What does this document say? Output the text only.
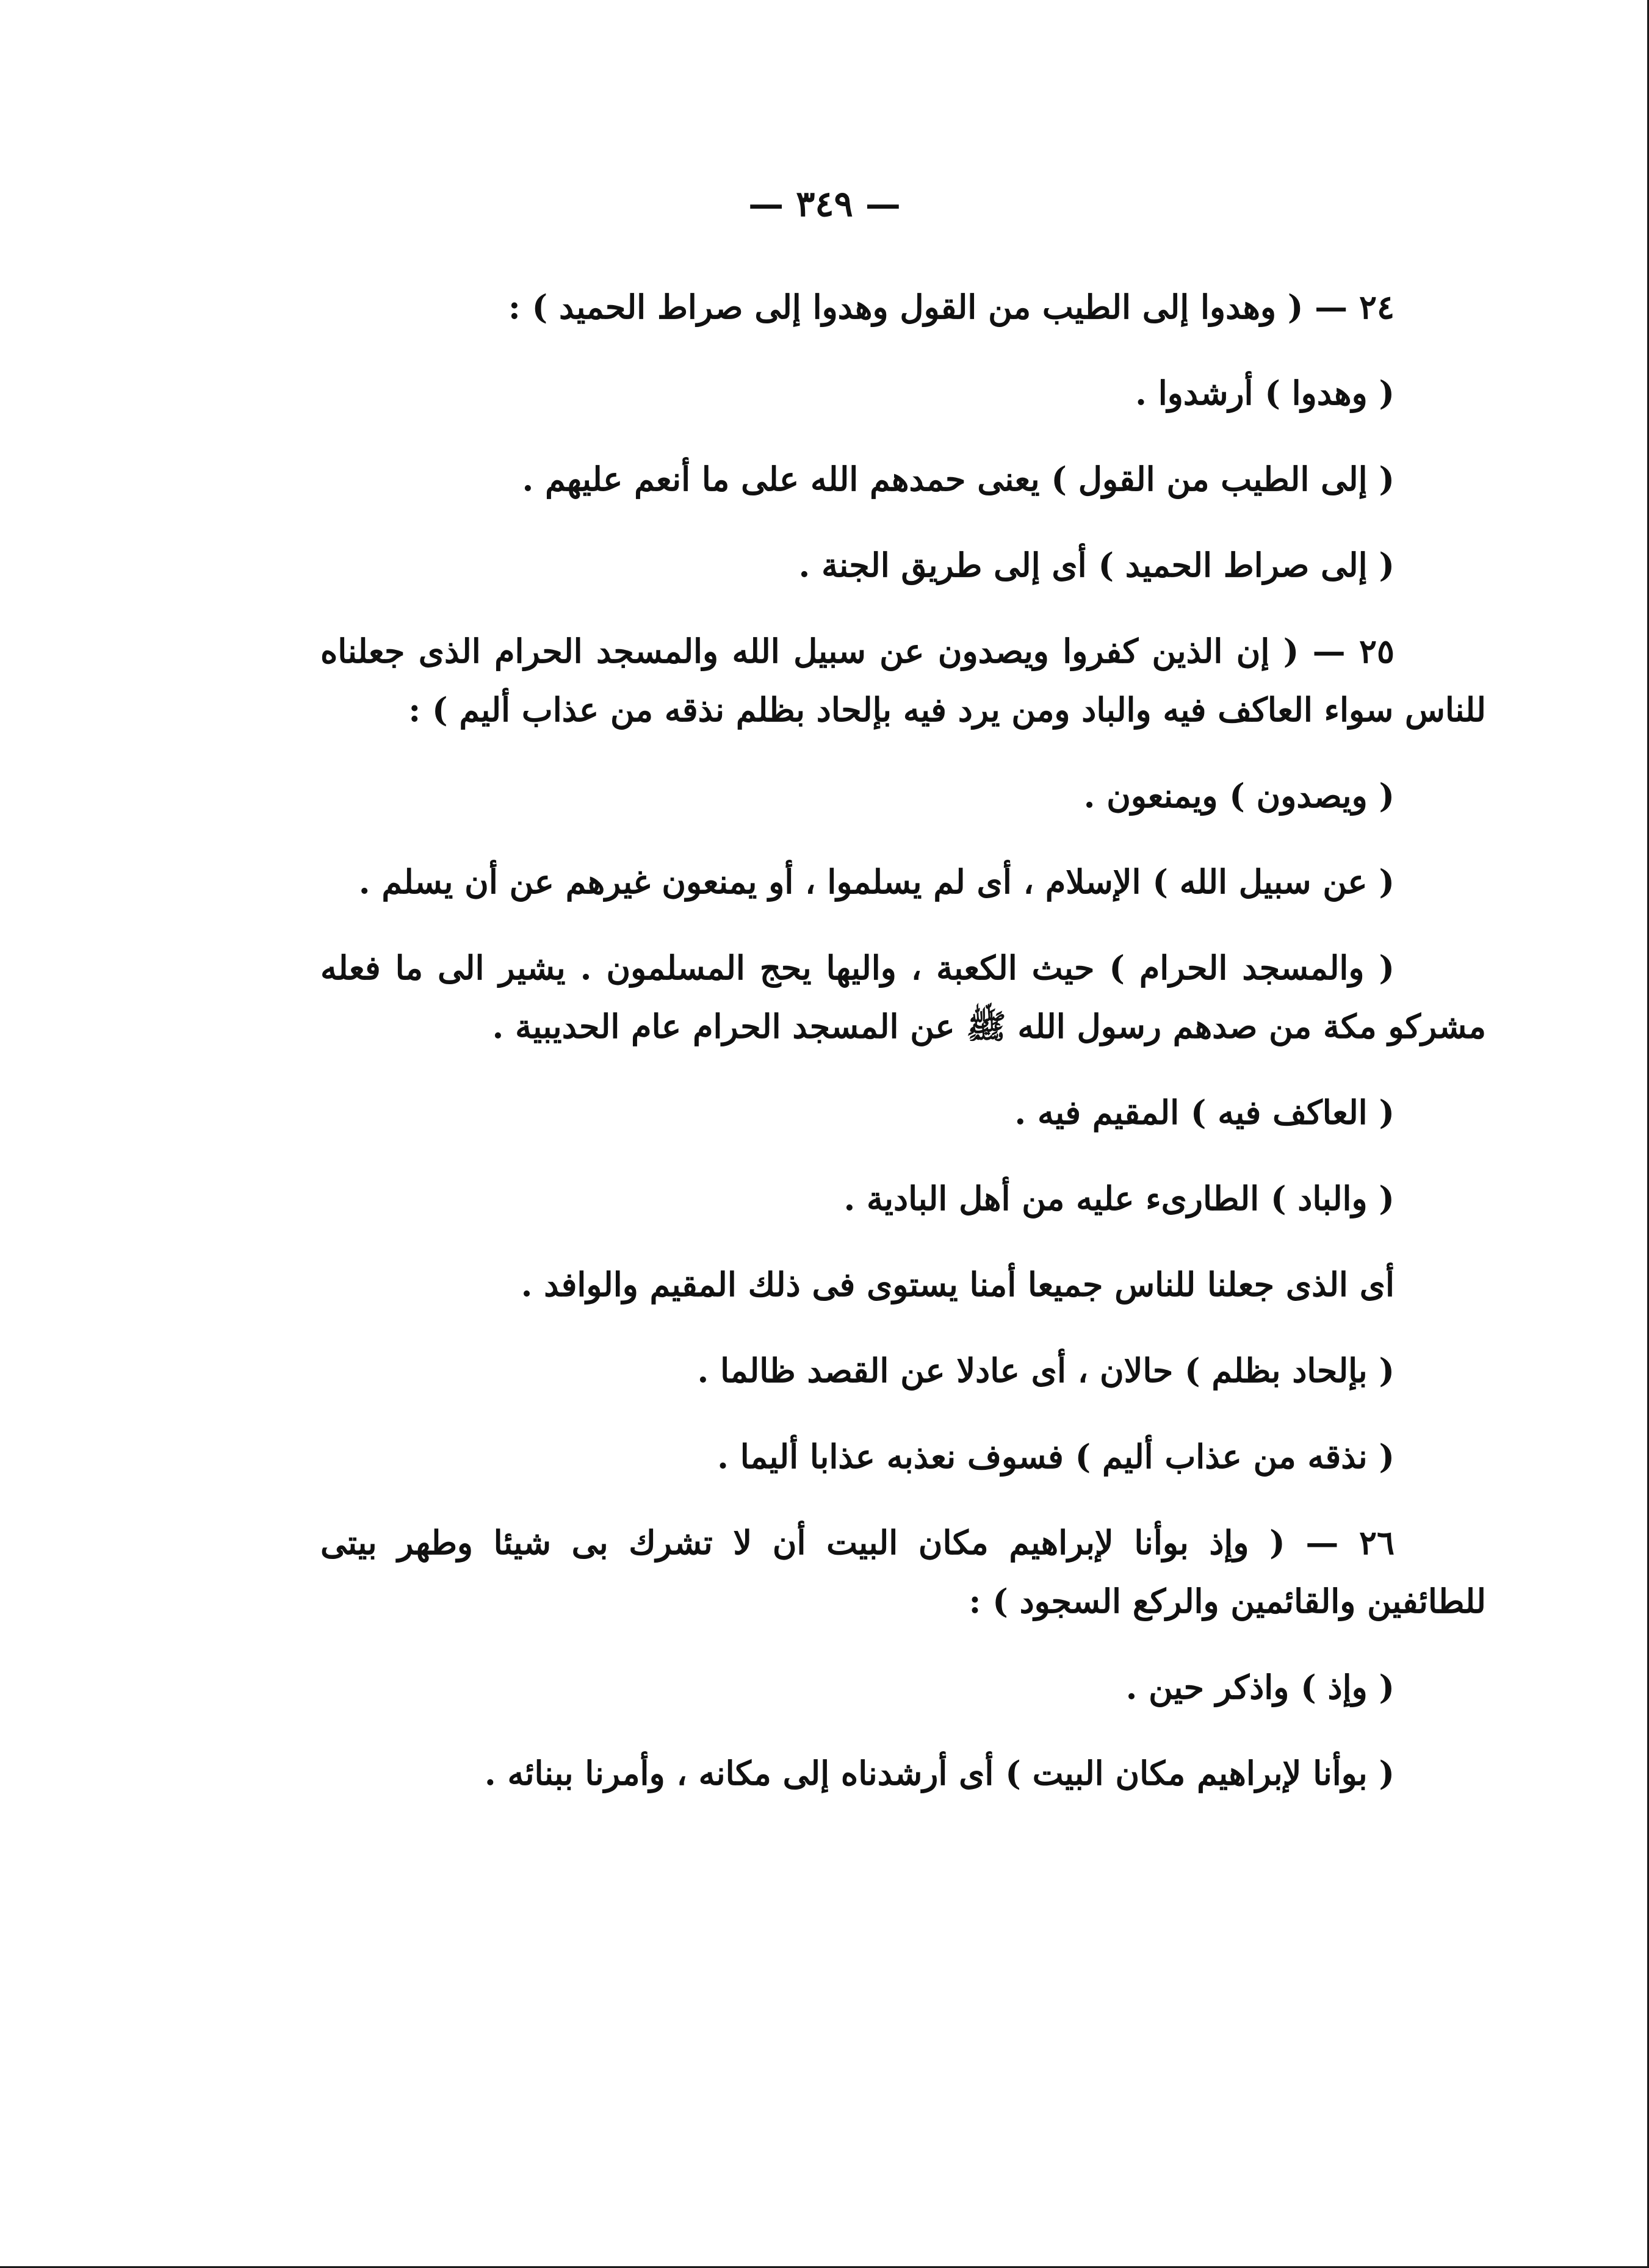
— ٣٤٩ —

٢٤ — ( وهدوا إلى الطيب من القول وهدوا إلى صراط الحميد ) :

( وهدوا ) أرشدوا .

( إلى الطيب من القول ) يعنى حمدهم الله على ما أنعم عليهم .

( إلى صراط الحميد ) أى إلى طريق الجنة .

٢٥ — ( إن الذين كفروا ويصدون عن سبيل الله والمسجد الحرام الذى جعلناه للناس سواء العاكف فيه والباد ومن يرد فيه بإلحاد بظلم نذقه من عذاب أليم ) :

( ويصدون ) ويمنعون .

( عن سبيل الله ) الإسلام ، أى لم يسلموا ، أو يمنعون غيرهم عن أن يسلم .

( والمسجد الحرام ) حيث الكعبة ، واليها يحج المسلمون . يشير الى ما فعله مشركو مكة من صدهم رسول الله ﷺ عن المسجد الحرام عام الحديبية .

( العاكف فيه ) المقيم فيه .

( والباد ) الطارىء عليه من أهل البادية .

أى الذى جعلنا للناس جميعا أمنا يستوى فى ذلك المقيم والوافد .

( بإلحاد بظلم ) حالان ، أى عادلا عن القصد ظالما .

( نذقه من عذاب أليم ) فسوف نعذبه عذابا أليما .

٢٦ — ( وإذ بوأنا لإبراهيم مكان البيت أن لا تشرك بى شيئا وطهر بيتى للطائفين والقائمين والركع السجود ) :

( وإذ ) واذكر حين .

( بوأنا لإبراهيم مكان البيت ) أى أرشدناه إلى مكانه ، وأمرنا ببنائه .
